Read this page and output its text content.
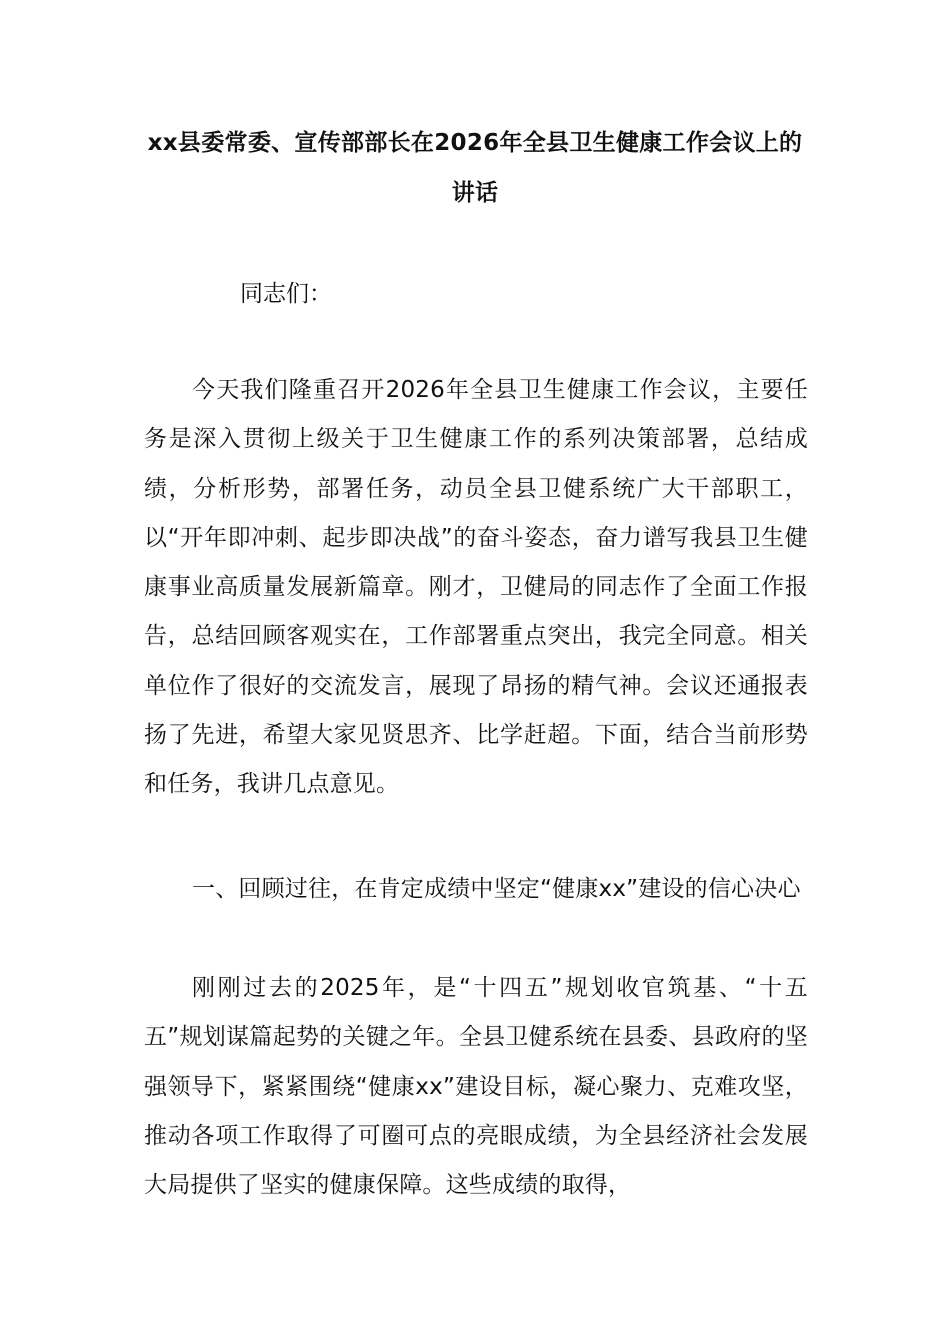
xx县委常委、宣传部部长在2026年全县卫生健康工作会议上的讲话
同志们：

今天我们隆重召开2026年全县卫生健康工作会议，主要任务是深入贯彻上级关于卫生健康工作的系列决策部署，总结成绩，分析形势，部署任务，动员全县卫健系统广大干部职工，以“开年即冲刺、起步即决战”的奋斗姿态，奋力谱写我县卫生健康事业高质量发展新篇章。刚才，卫健局的同志作了全面工作报告，总结回顾客观实在，工作部署重点突出，我完全同意。相关单位作了很好的交流发言，展现了昂扬的精气神。会议还通报表扬了先进，希望大家见贤思齐、比学赶超。下面，结合当前形势和任务，我讲几点意见。

一、回顾过往，在肯定成绩中坚定“健康xx”建设的信心决心

刚刚过去的2025年，是“十四五”规划收官筑基、“十五五”规划谋篇起势的关键之年。全县卫健系统在县委、县政府的坚强领导下，紧紧围绕“健康xx”建设目标，凝心聚力、克难攻坚，推动各项工作取得了可圈可点的亮眼成绩，为全县经济社会发展大局提供了坚实的健康保障。这些成绩的取得，
